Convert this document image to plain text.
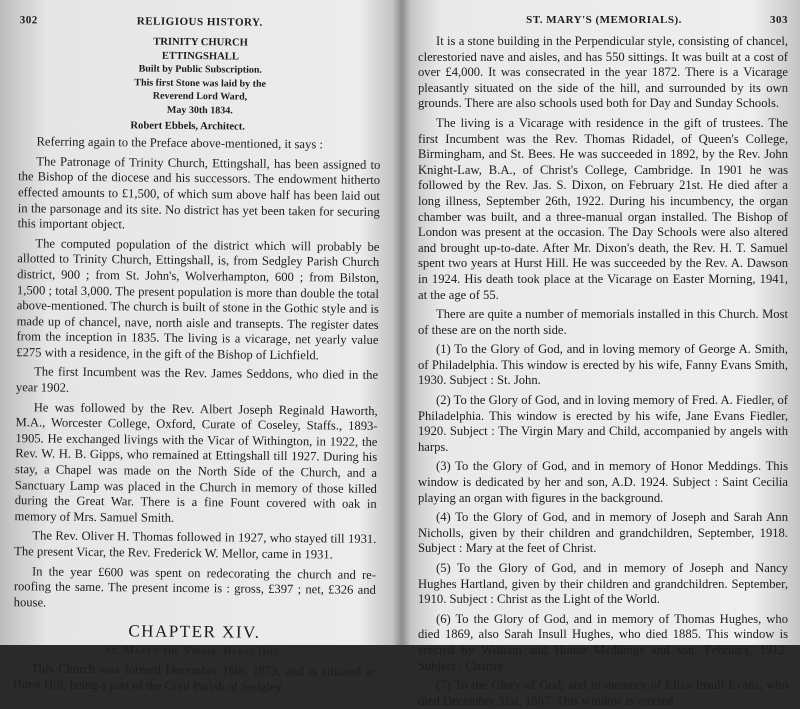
302	RELIGIOUS HISTORY.
TRINITY CHURCH
ETTINGSHALL
Built by Public Subscription.
This first Stone was laid by the
Reverend Lord Ward,
May 30th 1834.
Robert Ebbels, Architect.

Referring again to the Preface above-mentioned, it says :

The Patronage of Trinity Church, Ettingshall, has been assigned to the Bishop of the diocese and his successors. The endowment hitherto effected amounts to £1,500, of which sum above half has been laid out in the parsonage and its site. No district has yet been taken for securing this important object.

The computed population of the district which will probably be allotted to Trinity Church, Ettingshall, is, from Sedgley Parish Church district, 900 ; from St. John's, Wolverhampton, 600 ; from Bilston, 1,500 ; total 3,000. The present population is more than double the total above-mentioned. The church is built of stone in the Gothic style and is made up of chancel, nave, north aisle and transepts. The register dates from the inception in 1835. The living is a vicarage, net yearly value £275 with a residence, in the gift of the Bishop of Lichfield.

The first Incumbent was the Rev. James Seddons, who died in the year 1902.

He was followed by the Rev. Albert Joseph Reginald Haworth, M.A., Worcester College, Oxford, Curate of Coseley, Staffs., 1893-1905. He exchanged livings with the Vicar of Withington, in 1922, the Rev. W. H. B. Gipps, who remained at Ettingshall till 1927. During his stay, a Chapel was made on the North Side of the Church, and a Sanctuary Lamp was placed in the Church in memory of those killed during the Great War. There is a fine Fount covered with oak in memory of Mrs. Samuel Smith.

The Rev. Oliver H. Thomas followed in 1927, who stayed till 1931. The present Vicar, the Rev. Frederick W. Mellor, came in 1931.

In the year £600 was spent on redecorating the church and re-roofing the same. The present income is : gross, £397 ; net, £326 and house.

CHAPTER XIV.
St. Mary's the Virgin, Hurst Hill.

This Church was formed December 16th, 1873, and is situated at Hurst Hill, being a part of the Civil Parish of Sedgley.

ST. MARY'S (MEMORIALS).	303

It is a stone building in the Perpendicular style, consisting of chancel, clerestoried nave and aisles, and has 550 sittings. It was built at a cost of over £4,000. It was consecrated in the year 1872. There is a Vicarage pleasantly situated on the side of the hill, and surrounded by its own grounds. There are also schools used both for Day and Sunday Schools.

The living is a Vicarage with residence in the gift of trustees. The first Incumbent was the Rev. Thomas Ridadel, of Queen's College, Birmingham, and St. Bees. He was succeeded in 1892, by the Rev. John Knight-Law, B.A., of Christ's College, Cambridge. In 1901 he was followed by the Rev. Jas. S. Dixon, on February 21st. He died after a long illness, September 26th, 1922. During his incumbency, the organ chamber was built, and a three-manual organ installed. The Bishop of London was present at the occasion. The Day Schools were also altered and brought up-to-date. After Mr. Dixon's death, the Rev. H. T. Samuel spent two years at Hurst Hill. He was succeeded by the Rev. A. Dawson in 1924. His death took place at the Vicarage on Easter Morning, 1941, at the age of 55.

There are quite a number of memorials installed in this Church. Most of these are on the north side.

(1) To the Glory of God, and in loving memory of George A. Smith, of Philadelphia. This window is erected by his wife, Fanny Evans Smith, 1930. Subject : St. John.

(2) To the Glory of God, and in loving memory of Fred. A. Fiedler, of Philadelphia. This window is erected by his wife, Jane Evans Fiedler, 1920. Subject : The Virgin Mary and Child, accompanied by angels with harps.

(3) To the Glory of God, and in memory of Honor Meddings. This window is dedicated by her and son, A.D. 1924. Subject : Saint Cecilia playing an organ with figures in the background.

(4) To the Glory of God, and in memory of Joseph and Sarah Ann Nicholls, given by their children and grandchildren, September, 1918. Subject : Mary at the feet of Christ.

(5) To the Glory of God, and in memory of Joseph and Nancy Hughes Hartland, given by their children and grandchildren. September, 1910. Subject : Christ as the Light of the World.

(6) To the Glory of God, and in memory of Thomas Hughes, who died 1869, also Sarah Insull Hughes, who died 1885. This window is erected by William and Honor Meddings and son. February, 1912. Subject : Charity.

(7) To the Glory of God, and in memory of Eliza Insull Evans, who died December 31st, 1867. This window is erected
